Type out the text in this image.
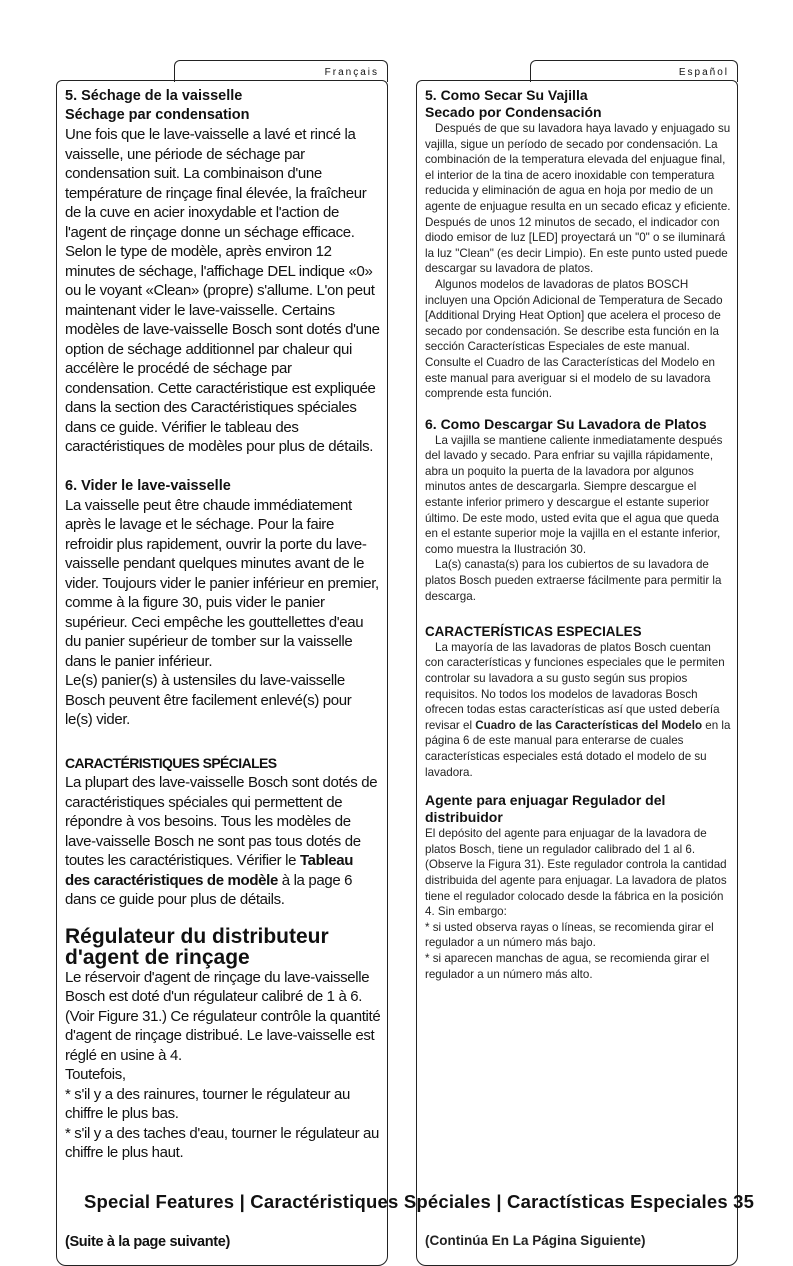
Français	Español
5. Séchage de la vaisselle
Séchage par condensation

Une fois que le lave-vaisselle a lavé et rincé la vaisselle, une période de séchage par condensation suit. La combinaison d'une température de rinçage final élevée, la fraîcheur de la cuve en acier inoxydable et l'action de l'agent de rinçage donne un séchage efficace. Selon le type de modèle, après environ 12 minutes de séchage, l'affichage DEL indique «0» ou le voyant «Clean» (propre) s'allume. L'on peut maintenant vider le lave-vaisselle. Certains modèles de lave-vaisselle Bosch sont dotés d'une option de séchage additionnel par chaleur qui accélère le procédé de séchage par condensation. Cette caractéristique est expliquée dans la section des Caractéristiques spéciales dans ce guide. Vérifier le tableau des caractéristiques de modèles pour plus de détails.

6. Vider le lave-vaisselle

La vaisselle peut être chaude immédiatement après le lavage et le séchage. Pour la faire refroidir plus rapidement, ouvrir la porte du lave-vaisselle pendant quelques minutes avant de le vider. Toujours vider le panier inférieur en premier, comme à la figure 30, puis vider le panier supérieur. Ceci empêche les gouttellettes d'eau du panier supérieur de tomber sur la vaisselle dans le panier inférieur.

Le(s) panier(s) à ustensiles du lave-vaisselle Bosch peuvent être facilement enlevé(s) pour le(s) vider.

CARACTÉRISTIQUES SPÉCIALES

La plupart des lave-vaisselle Bosch sont dotés de caractéristiques spéciales qui permettent de répondre à vos besoins. Tous les modèles de lave-vaisselle Bosch ne sont pas tous dotés de toutes les caractéristiques. Vérifier le Tableau des caractéristiques de modèle à la page 6 dans ce guide pour plus de détails.

Régulateur du distributeur d'agent de rinçage

Le réservoir d'agent de rinçage du lave-vaisselle Bosch est doté d'un régulateur calibré de 1 à 6. (Voir Figure 31.) Ce régulateur contrôle la quantité d'agent de rinçage distribué. Le lave-vaisselle est réglé en usine à 4.

Toutefois,

* s'il y a des rainures, tourner le régulateur au chiffre le plus bas.

* s'il y a des taches d'eau, tourner le régulateur au chiffre le plus haut.

(Suite à la page suivante)
5. Como Secar Su Vajilla
Secado por Condensación

Después de que su lavadora haya lavado y enjuagado su vajilla, sigue un período de secado por condensación. La combinación de la temperatura elevada del enjuague final, el interior de la tina de acero inoxidable con temperatura reducida y eliminación de agua en hoja por medio de un agente de enjuague resulta en un secado eficaz y eficiente.

Después de unos 12 minutos de secado, el indicador con diodo emisor de luz [LED] proyectará un "0" o se iluminará la luz "Clean" (es decir Limpio). En este punto usted puede descargar su lavadora de platos.

Algunos modelos de lavadoras de platos BOSCH incluyen una Opción Adicional de Temperatura de Secado [Additional Drying Heat Option] que acelera el proceso de secado por condensación. Se describe esta función en la sección Características Especiales de este manual. Consulte el Cuadro de las Características del Modelo en este manual para averiguar si el modelo de su lavadora comprende esta función.

6. Como Descargar Su Lavadora de Platos

La vajilla se mantiene caliente inmediatamente después del lavado y secado. Para enfriar su vajilla rápidamente, abra un poquito la puerta de la lavadora por algunos minutos antes de descargarla. Siempre descargue el estante inferior primero y descargue el estante superior último. De este modo, usted evita que el agua que queda en el estante superior moje la vajilla en el estante inferior, como muestra la Ilustración 30.

La(s) canasta(s) para los cubiertos de su lavadora de platos Bosch pueden extraerse fácilmente para permitir la descarga.

CARACTERÍSTICAS ESPECIALES

La mayoría de las lavadoras de platos Bosch cuentan con características y funciones especiales que le permiten controlar su lavadora a su gusto según sus propios requisitos. No todos los modelos de lavadoras Bosch ofrecen todas estas características así que usted debería revisar el Cuadro de las Características del Modelo en la página 6 de este manual para enterarse de cuales características especiales está dotado el modelo de su lavadora.

Agente para enjuagar Regulador del distribuidor

El depósito del agente para enjuagar de la lavadora de platos Bosch, tiene un regulador calibrado del 1 al 6. (Observe la Figura 31). Este regulador controla la cantidad distribuida del agente para enjuagar. La lavadora de platos tiene el regulador colocado desde la fábrica en la posición 4. Sin embargo:

* si usted observa rayas o líneas, se recomienda girar el regulador a un número más bajo.

* si aparecen manchas de agua, se recomienda girar el regulador a un número más alto.

(Continúa En La Página Siguiente)
Special Features | Caractéristiques Spéciales | Caractísticas Especiales 35
